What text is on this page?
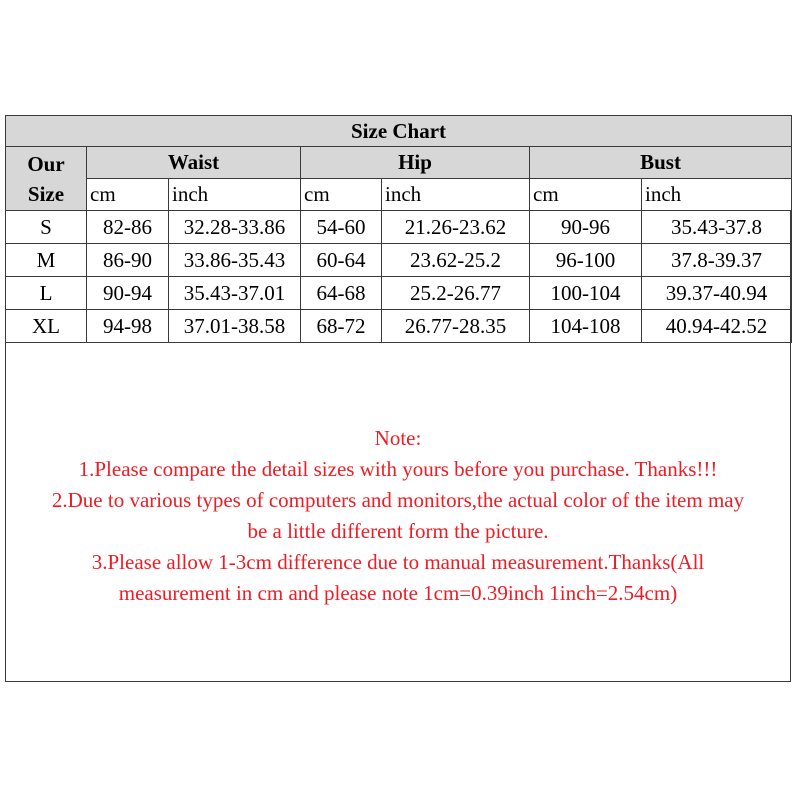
Size Chart						

Our
Size	Waist		Hip		Bust	
	cm	inch	cm	inch	cm	inch
S	82-86	32.28-33.86	54-60	21.26-23.62	90-96	35.43-37.8
M	86-90	33.86-35.43	60-64	23.62-25.2	96-100	37.8-39.37
L	90-94	35.43-37.01	64-68	25.2-26.77	100-104	39.37-40.94
XL	94-98	37.01-38.58	68-72	26.77-28.35	104-108	40.94-42.52
Note:
1.Please compare the detail sizes with yours before you purchase. Thanks!!!
2.Due to various types of computers and monitors,the actual color of the item may
be a little different form the picture.
3.Please allow 1-3cm difference due to manual measurement.Thanks(All
measurement in cm and please note 1cm=0.39inch 1inch=2.54cm)
